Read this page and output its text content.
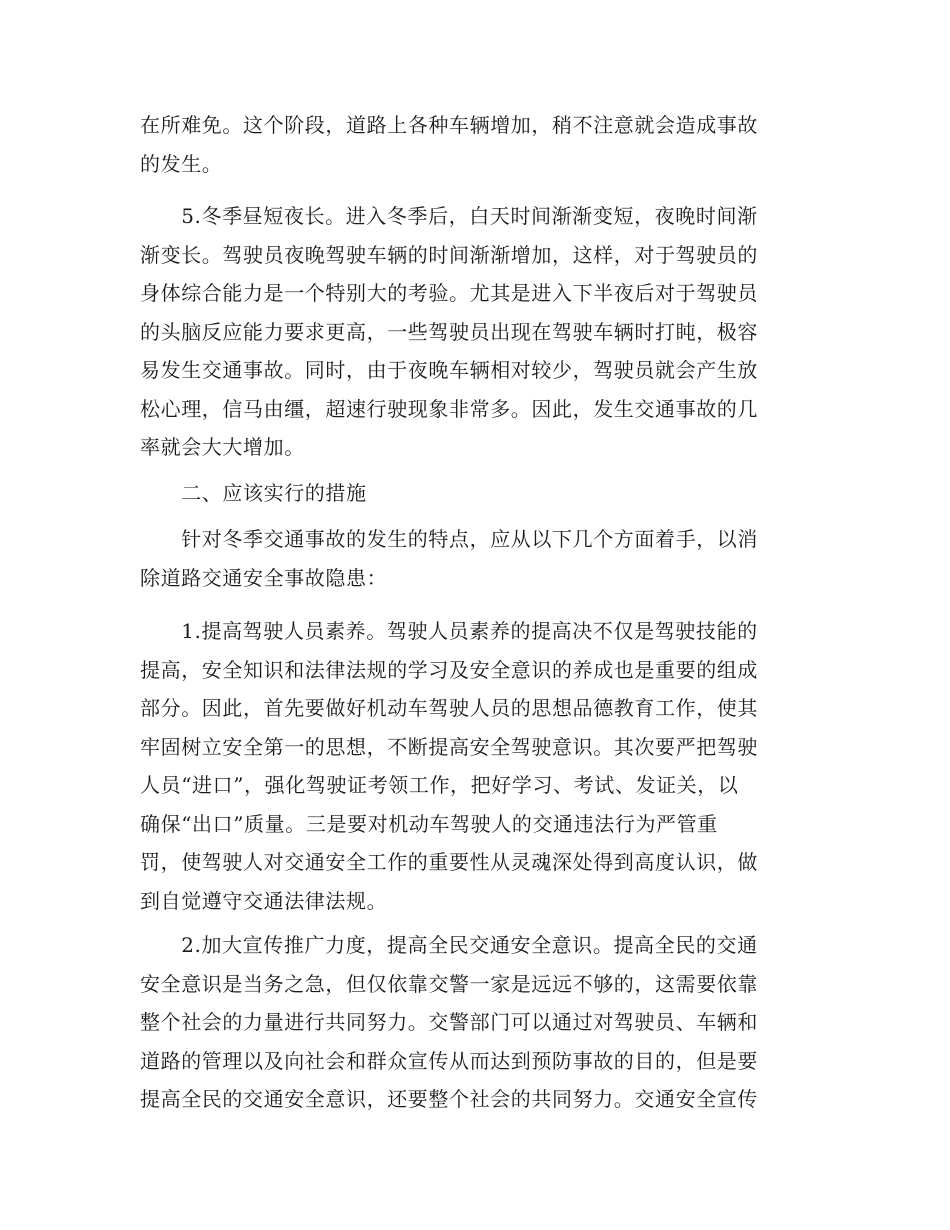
在所难免。这个阶段，道路上各种车辆增加，稍不注意就会造成事故
的发生。

　　5.冬季昼短夜长。进入冬季后，白天时间渐渐变短，夜晚时间渐
渐变长。驾驶员夜晚驾驶车辆的时间渐渐增加，这样，对于驾驶员的
身体综合能力是一个特别大的考验。尤其是进入下半夜后对于驾驶员
的头脑反应能力要求更高，一些驾驶员出现在驾驶车辆时打盹，极容
易发生交通事故。同时，由于夜晚车辆相对较少，驾驶员就会产生放
松心理，信马由缰，超速行驶现象非常多。因此，发生交通事故的几
率就会大大增加。

　　二、应该实行的措施

　　针对冬季交通事故的发生的特点，应从以下几个方面着手，以消
除道路交通安全事故隐患：

　　1.提高驾驶人员素养。驾驶人员素养的提高决不仅是驾驶技能的
提高，安全知识和法律法规的学习及安全意识的养成也是重要的组成
部分。因此，首先要做好机动车驾驶人员的思想品德教育工作，使其
牢固树立安全第一的思想，不断提高安全驾驶意识。其次要严把驾驶
人员“进口”，强化驾驶证考领工作，把好学习、考试、发证关，以
确保“出口”质量。三是要对机动车驾驶人的交通违法行为严管重
罚，使驾驶人对交通安全工作的重要性从灵魂深处得到高度认识，做
到自觉遵守交通法律法规。

　　2.加大宣传推广力度，提高全民交通安全意识。提高全民的交通
安全意识是当务之急，但仅依靠交警一家是远远不够的，这需要依靠
整个社会的力量进行共同努力。交警部门可以通过对驾驶员、车辆和
道路的管理以及向社会和群众宣传从而达到预防事故的目的，但是要
提高全民的交通安全意识，还要整个社会的共同努力。交通安全宣传
